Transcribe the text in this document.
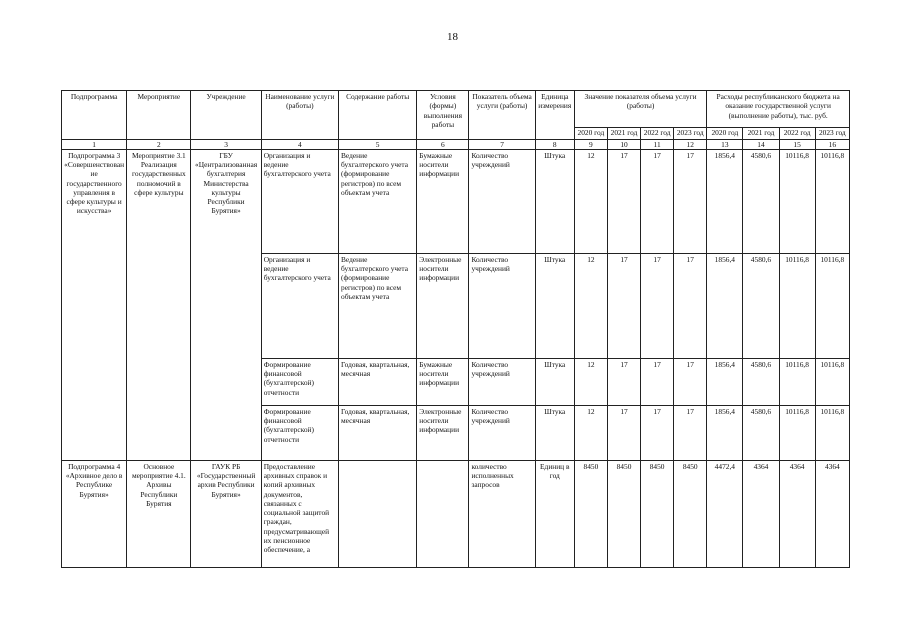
18
Подпрограмма	Мероприятие	Учреждение	Наименование услуги (работы)	Содержание работы	Условия (формы) выполнения работы	Показатель объема услуги (работы)	Единица измерения	Значение показателя объема услуги (работы)				Расходы республиканского бюджета на оказание государственной услуги (выполнение работы), тыс. руб.			
								2020 год	2021 год	2022 год	2023 год	2020 год	2021 год	2022 год	2023 год
1	2	3	4	5	6	7	8	9	10	11	12	13	14	15	16
Подпрограмма 3 «Совершенствование государственного управления в сфере культуры и искусства»	Мероприятие 3.1 Реализация государственных полномочий в сфере культуры	ГБУ «Централизованная бухгалтерия Министерства культуры Республики Бурятия»	Организация и ведение бухгалтерского учета	Ведение бухгалтерского учета (формирование регистров) по всем объектам учета	Бумажные носители информации	Количество учреждений	Штука	12	17	17	17	1856,4	4580,6	10116,8	10116,8
			Организация и ведение бухгалтерского учета	Ведение бухгалтерского учета (формирование регистров) по всем объектам учета	Электронные носители информации	Количество учреждений	Штука	12	17	17	17	1856,4	4580,6	10116,8	10116,8
			Формирование финансовой (бухгалтерской) отчетности	Годовая, квартальная, месячная	Бумажные носители информации	Количество учреждений	Штука	12	17	17	17	1856,4	4580,6	10116,8	10116,8
			Формирование финансовой (бухгалтерской) отчетности	Годовая, квартальная, месячная	Электронные носители информации	Количество учреждений	Штука	12	17	17	17	1856,4	4580,6	10116,8	10116,8
Подпрограмма 4 «Архивное дело в Республике Бурятия»	Основное мероприятие 4.1. Архивы Республики Бурятия	ГАУК РБ «Государственный архив Республики Бурятия»	Предоставление архивных справок и копий архивных документов, связанных с социальной защитой граждан, предусматривающей их пенсионное обеспечение, а			количество исполненных запросов	Единиц в год	8450	8450	8450	8450	4472,4	4364	4364	4364
